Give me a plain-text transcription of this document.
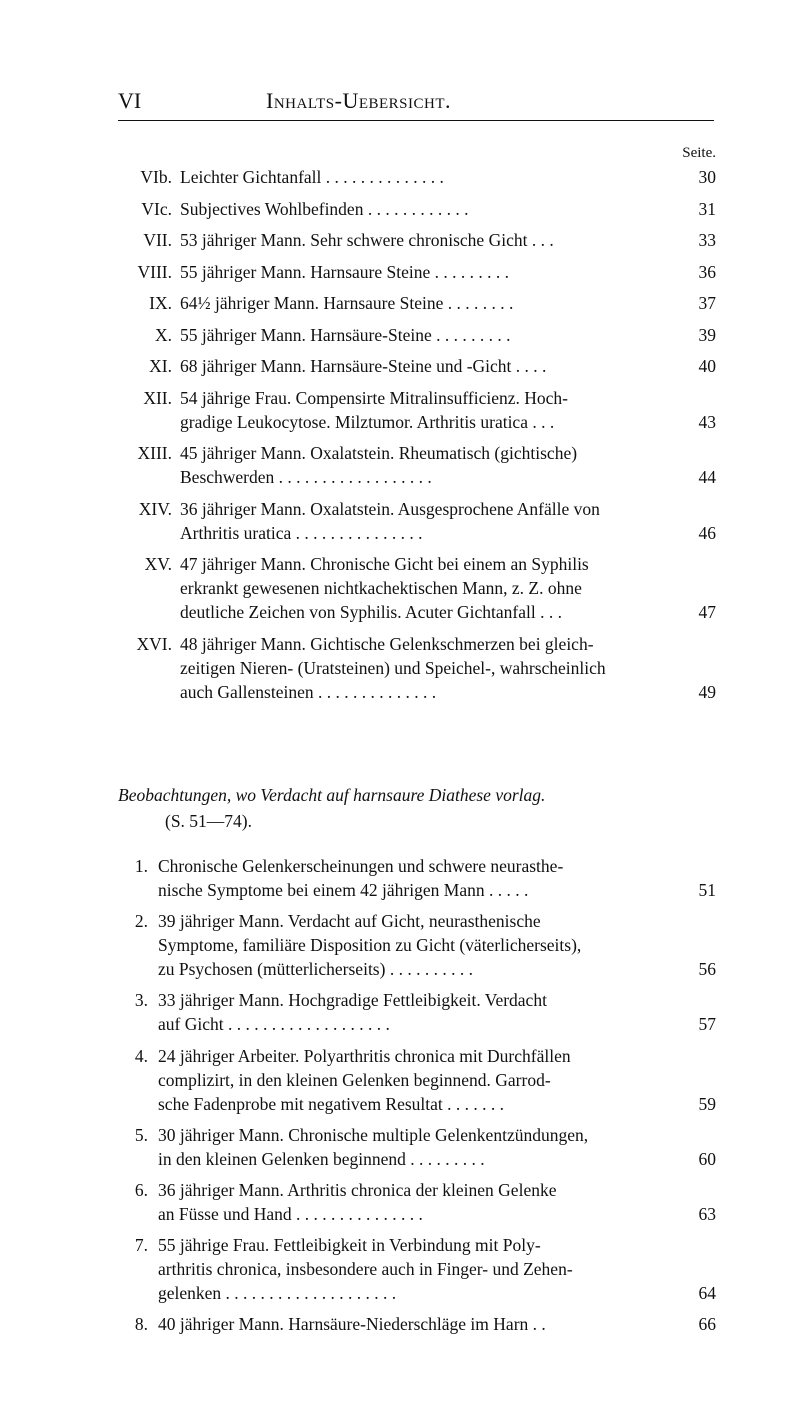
VI	Inhalts-Uebersicht.
Seite.
VIb. Leichter Gichtanfall . . . . . . . . . . . . . .	30
VIc. Subjectives Wohlbefinden . . . . . . . . . . . .	31
VII. 53 jähriger Mann. Sehr schwere chronische Gicht . . .	33
VIII. 55 jähriger Mann. Harnsaure Steine . . . . . . . . .	36
IX. 64½ jähriger Mann. Harnsaure Steine . . . . . . . .	37
X. 55 jähriger Mann. Harnsäure-Steine . . . . . . . . .	39
XI. 68 jähriger Mann. Harnsäure-Steine und -Gicht . . . .	40
XII. 54 jährige Frau. Compensirte Mitralinsufficienz. Hoch-
gradige Leukocytose. Milztumor. Arthritis uratica . . .	43
XIII. 45 jähriger Mann. Oxalatstein. Rheumatisch (gichtische)
Beschwerden . . . . . . . . . . . . . . . . . .	44
XIV. 36 jähriger Mann. Oxalatstein. Ausgesprochene Anfälle von
Arthritis uratica . . . . . . . . . . . . . . .	46
XV. 47 jähriger Mann. Chronische Gicht bei einem an Syphilis
erkrankt gewesenen nichtkachektischen Mann, z. Z. ohne
deutliche Zeichen von Syphilis. Acuter Gichtanfall . . .	47
XVI. 48 jähriger Mann. Gichtische Gelenkschmerzen bei gleich-
zeitigen Nieren- (Uratsteinen) und Speichel-, wahrscheinlich
auch Gallensteinen . . . . . . . . . . . . . .	49
Beobachtungen, wo Verdacht auf harnsaure Diathese vorlag.
(S. 51—74).
1. Chronische Gelenkerscheinungen und schwere neurasthe-
nische Symptome bei einem 42 jährigen Mann . . . . .	51
2. 39 jähriger Mann. Verdacht auf Gicht, neurasthenische
Symptome, familiäre Disposition zu Gicht (väterlicherseits),
zu Psychosen (mütterlicherseits) . . . . . . . . . .	56
3. 33 jähriger Mann. Hochgradige Fettleibigkeit. Verdacht
auf Gicht . . . . . . . . . . . . . . . . . . .	57
4. 24 jähriger Arbeiter. Polyarthritis chronica mit Durchfällen
complizirt, in den kleinen Gelenken beginnend. Garrod-
sche Fadenprobe mit negativem Resultat . . . . . . .	59
5. 30 jähriger Mann. Chronische multiple Gelenkentzündungen,
in den kleinen Gelenken beginnend . . . . . . . . .	60
6. 36 jähriger Mann. Arthritis chronica der kleinen Gelenke
an Füsse und Hand . . . . . . . . . . . . . . .	63
7. 55 jährige Frau. Fettleibigkeit in Verbindung mit Poly-
arthritis chronica, insbesondere auch in Finger- und Zehen-
gelenken . . . . . . . . . . . . . . . . . . . .	64
8. 40 jähriger Mann. Harnsäure-Niederschläge im Harn . .	66
